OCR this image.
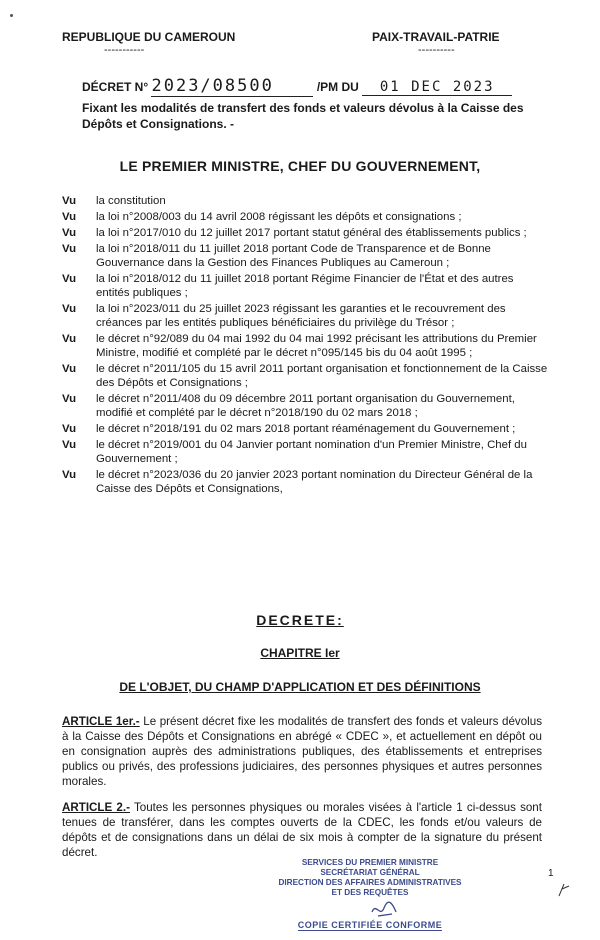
REPUBLIQUE DU CAMEROUN
-----------
PAIX-TRAVAIL-PATRIE
----------
DÉCRET N° 2023/08500	/PM DU 01 DEC 2023
Fixant les modalités de transfert des fonds et valeurs dévolus à la Caisse des Dépôts et Consignations. -
LE PREMIER MINISTRE, CHEF DU GOUVERNEMENT,
Vu	la constitution
Vu	la loi n°2008/003 du 14 avril 2008 régissant les dépôts et consignations ;
Vu	la loi n°2017/010 du 12 juillet 2017 portant statut général des établissements publics ;
Vu	la loi n°2018/011 du 11 juillet 2018 portant Code de Transparence et de Bonne Gouvernance dans la Gestion des Finances Publiques au Cameroun ;
Vu	la loi n°2018/012 du 11 juillet 2018 portant Régime Financier de l'État et des autres entités publiques ;
Vu	la loi n°2023/011 du 25 juillet 2023 régissant les garanties et le recouvrement des créances par les entités publiques bénéficiaires du privilège du Trésor ;
Vu	le décret n°92/089 du 04 mai 1992 du 04 mai 1992 précisant les attributions du Premier Ministre, modifié et complété par le décret n°095/145 bis du 04 août 1995 ;
Vu	le décret n°2011/105 du 15 avril 2011 portant organisation et fonctionnement de la Caisse des Dépôts et Consignations ;
Vu	le décret n°2011/408 du 09 décembre 2011 portant organisation du Gouvernement, modifié et complété par le décret n°2018/190 du 02 mars 2018 ;
Vu	le décret n°2018/191 du 02 mars 2018 portant réaménagement du Gouvernement ;
Vu	le décret n°2019/001 du 04 Janvier portant nomination d'un Premier Ministre, Chef du Gouvernement ;
Vu	le décret n°2023/036 du 20 janvier 2023 portant nomination du Directeur Général de la Caisse des Dépôts et Consignations,
DECRETE:
CHAPITRE Ier
DE L'OBJET, DU CHAMP D'APPLICATION ET DES DÉFINITIONS
ARTICLE 1er.- Le présent décret fixe les modalités de transfert des fonds et valeurs dévolus à la Caisse des Dépôts et Consignations en abrégé « CDEC », et actuellement en dépôt ou en consignation auprès des administrations publiques, des établissements et entreprises publics ou privés, des professions judiciaires, des personnes physiques et autres personnes morales.
ARTICLE 2.- Toutes les personnes physiques ou morales visées à l'article 1 ci-dessus sont tenues de transférer, dans les comptes ouverts de la CDEC, les fonds et/ou valeurs de dépôts et de consignations dans un délai de six mois à compter de la signature du présent décret.
SERVICES DU PREMIER MINISTRE
SECRÉTARIAT GÉNÉRAL
DIRECTION DES AFFAIRES ADMINISTRATIVES
ET DES REQUÊTES
COPIE CERTIFIÉE CONFORME
1
